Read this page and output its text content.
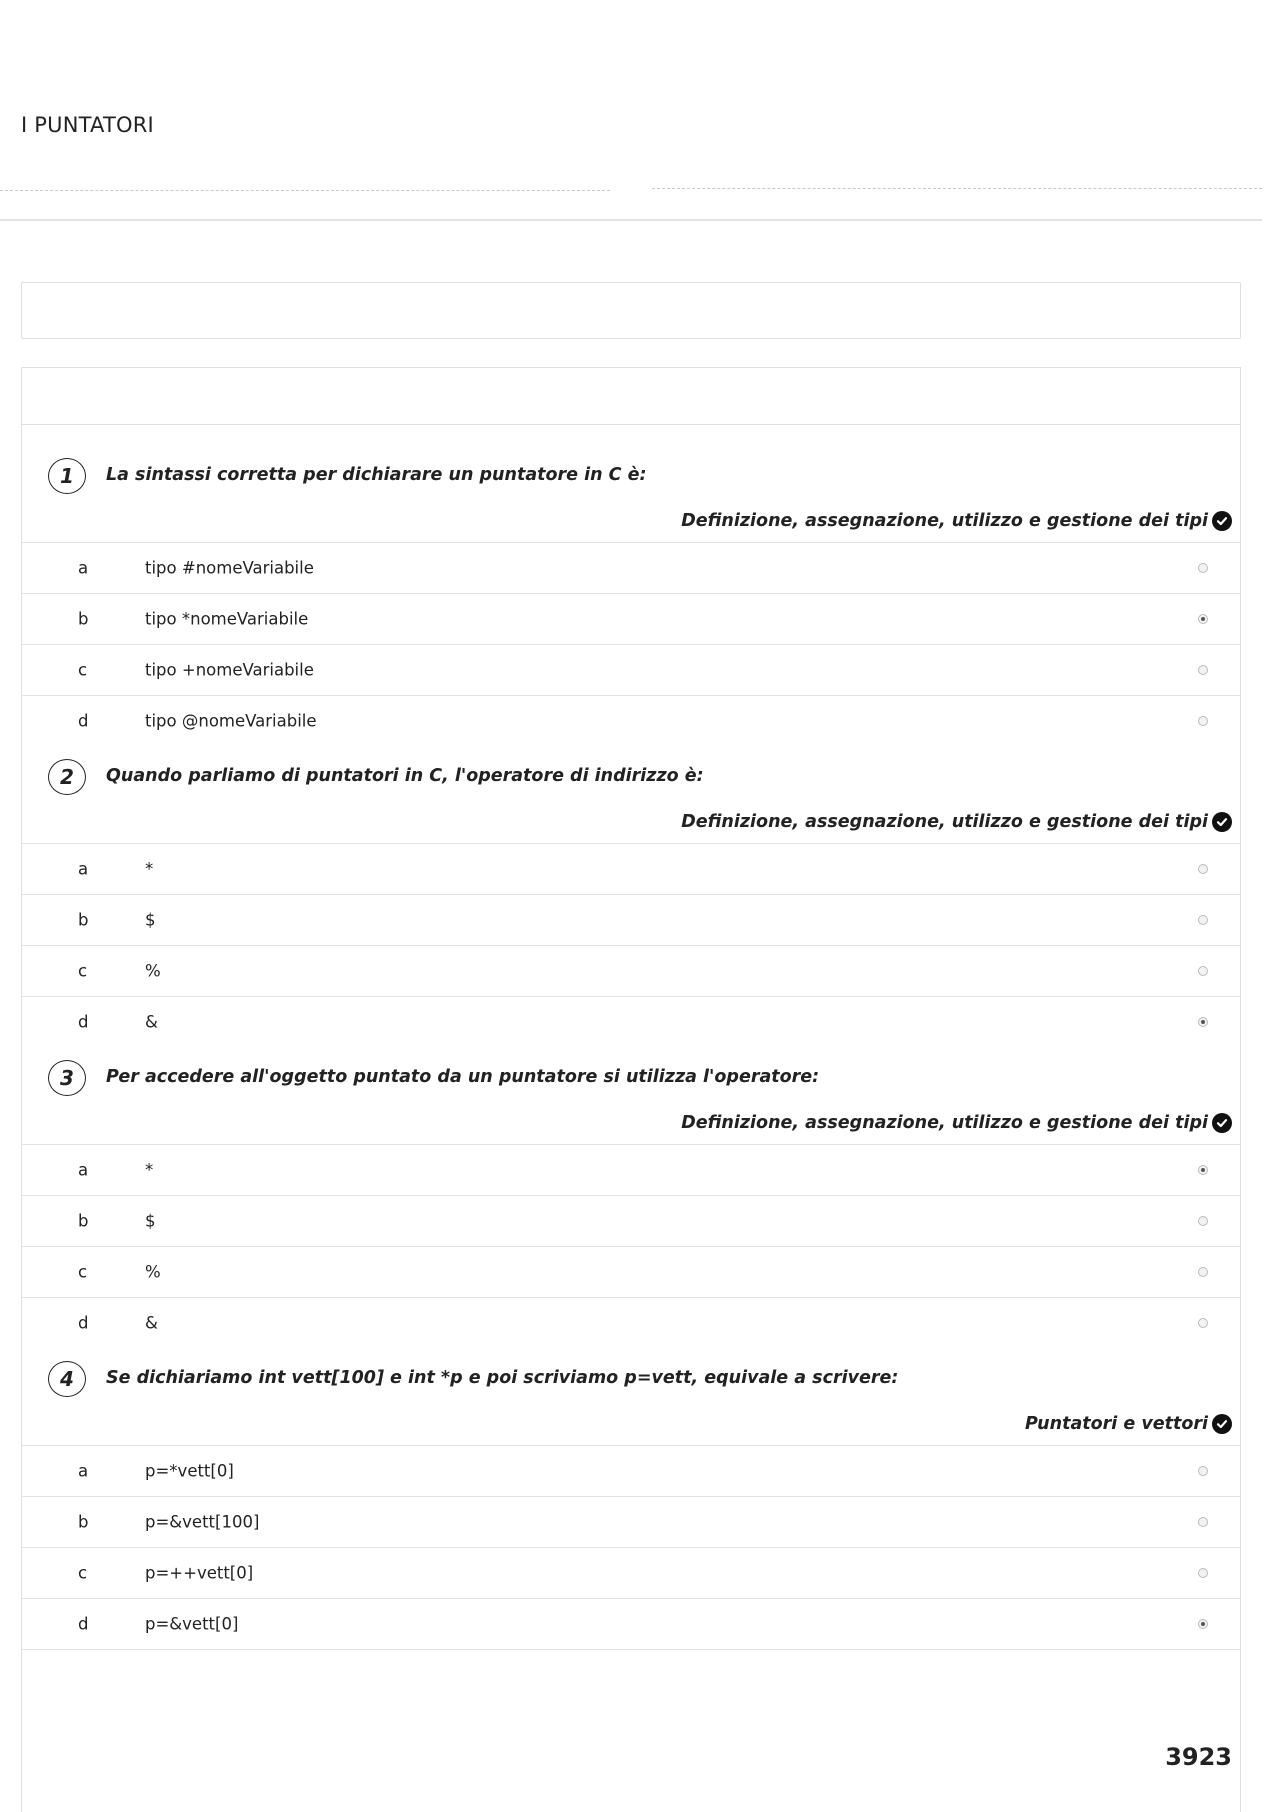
I PUNTATORI
1	La sintassi corretta per dichiarare un puntatore in C è:
Definizione, assegnazione, utilizzo e gestione dei tipi
a	tipo #nomeVariabile
b	tipo *nomeVariabile
c	tipo +nomeVariabile
d	tipo @nomeVariabile
2	Quando parliamo di puntatori in C, l'operatore di indirizzo è:
Definizione, assegnazione, utilizzo e gestione dei tipi
a	*
b	$
c	%
d	&
3	Per accedere all'oggetto puntato da un puntatore si utilizza l'operatore:
Definizione, assegnazione, utilizzo e gestione dei tipi
a	*
b	$
c	%
d	&
4	Se dichiariamo int vett[100] e int *p e poi scriviamo p=vett, equivale a scrivere:
Puntatori e vettori
a	p=*vett[0]
b	p=&vett[100]
c	p=++vett[0]
d	p=&vett[0]
3923
